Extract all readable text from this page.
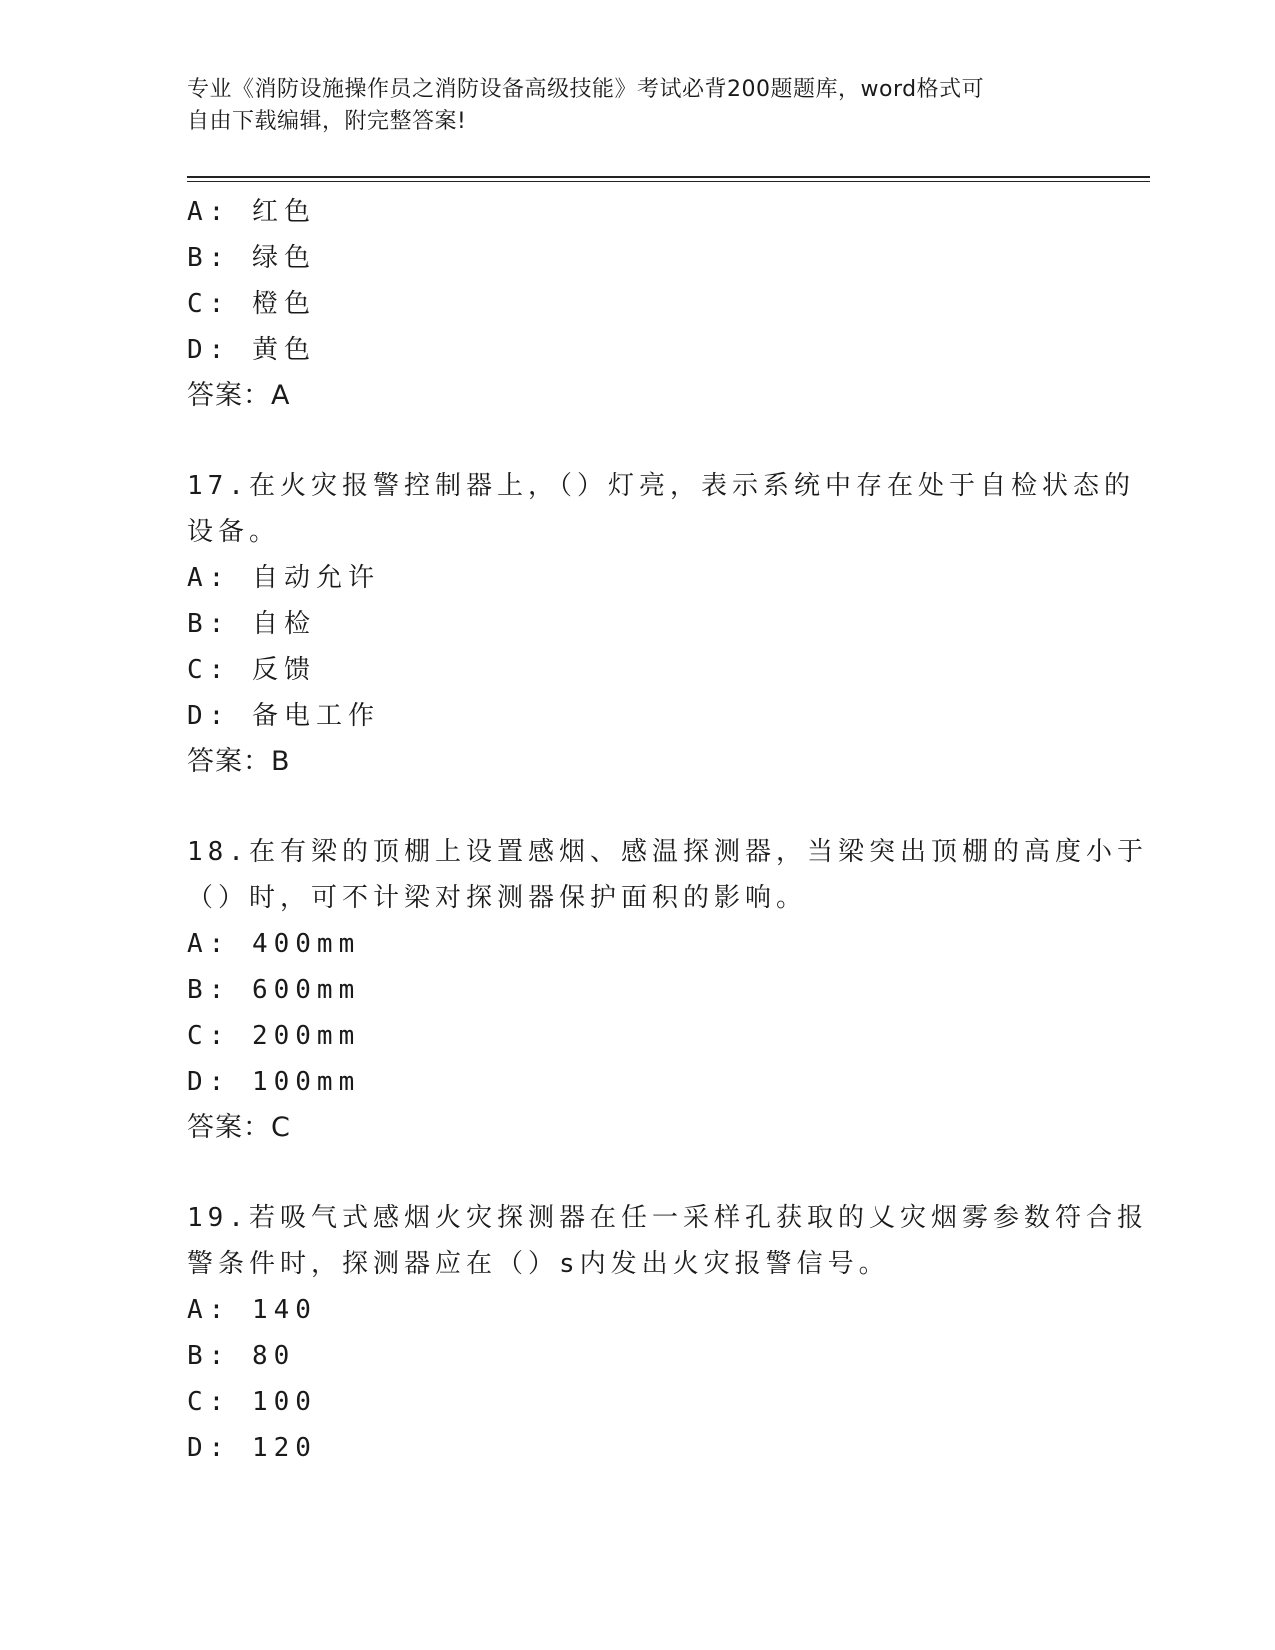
专业《消防设施操作员之消防设备高级技能》考试必背200题题库，word格式可
自由下载编辑，附完整答案!
A: 红色
B: 绿色
C: 橙色
D: 黄色
答案：A
17.在火灾报警控制器上，（）灯亮，表示系统中存在处于自检状态的
设备。
A: 自动允许
B: 自检
C: 反馈
D: 备电工作
答案：B
18.在有梁的顶棚上设置感烟、感温探测器，当梁突出顶棚的高度小于
（）时，可不计梁对探测器保护面积的影响。
A: 400mm
B: 600mm
C: 200mm
D: 100mm
答案：C
19.若吸气式感烟火灾探测器在任一采样孔获取的乂灾烟雾参数符合报
警条件时，探测器应在（）s内发出火灾报警信号。
A: 140
B: 80
C: 100
D: 120
